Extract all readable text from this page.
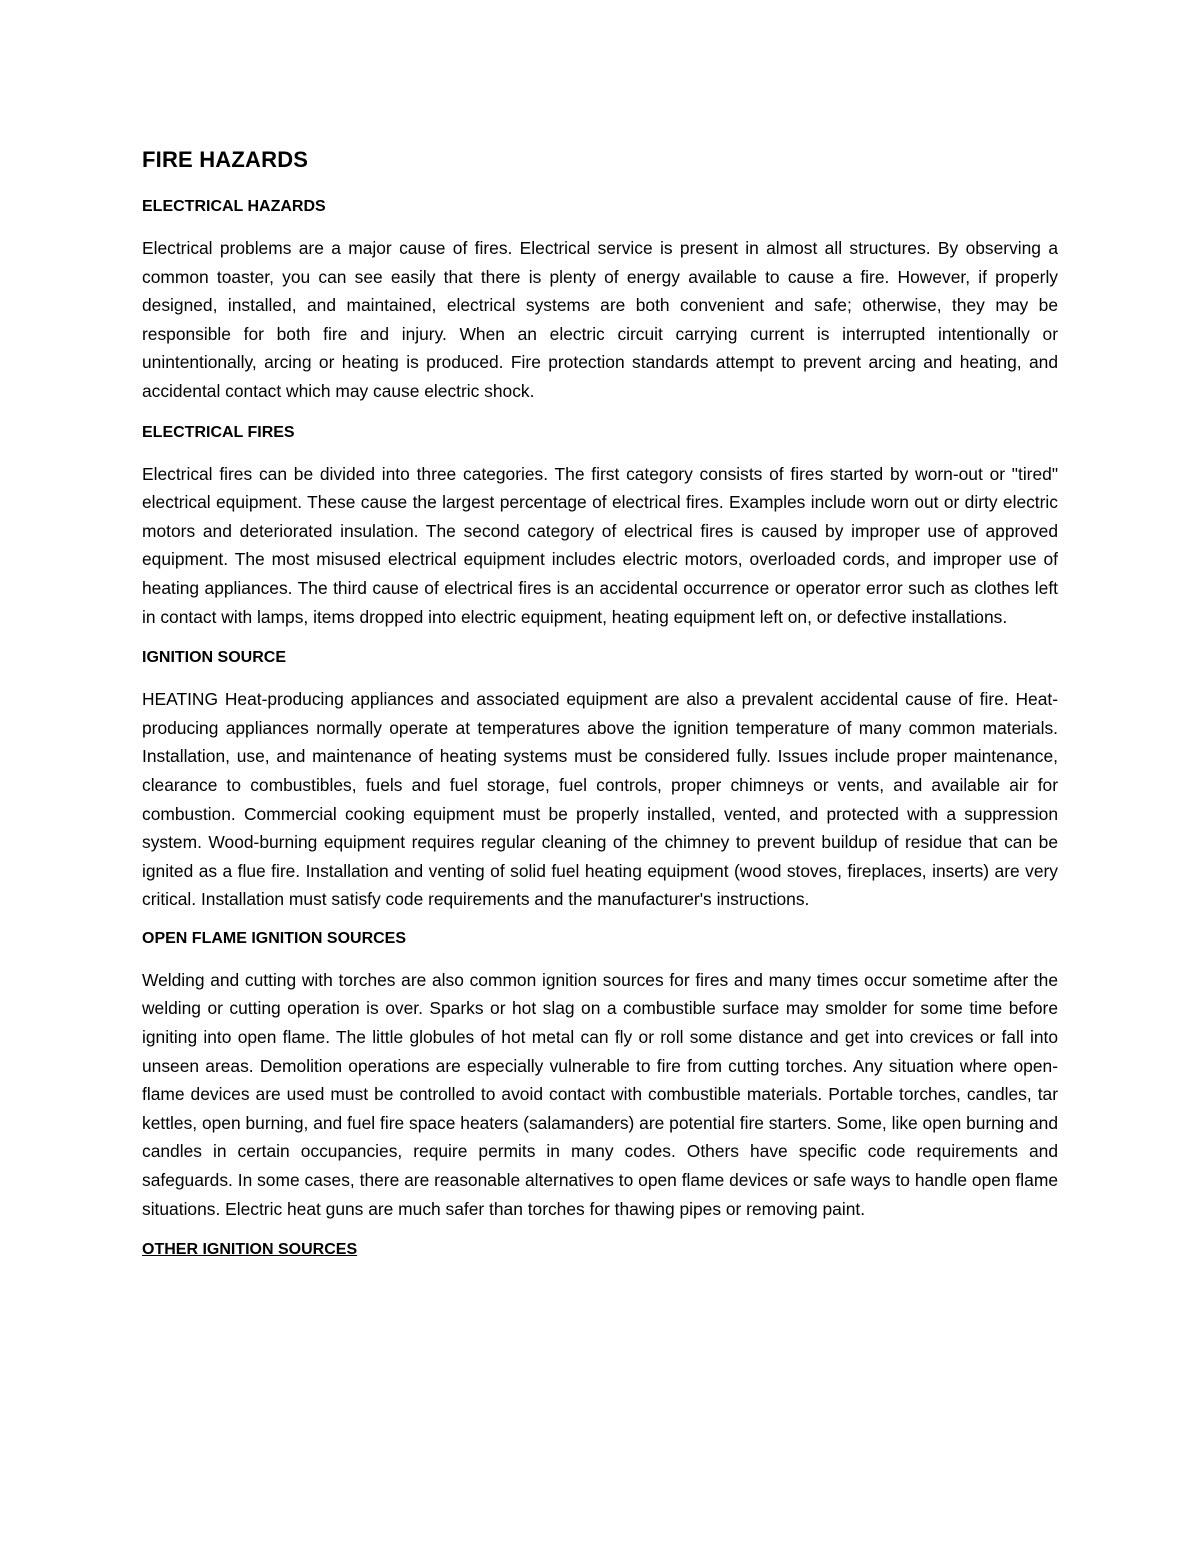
FIRE HAZARDS
ELECTRICAL HAZARDS

Electrical problems are a major cause of fires. Electrical service is present in almost all structures. By observing a common toaster, you can see easily that there is plenty of energy available to cause a fire. However, if properly designed, installed, and maintained, electrical systems are both convenient and safe; otherwise, they may be responsible for both fire and injury. When an electric circuit carrying current is interrupted intentionally or unintentionally, arcing or heating is produced. Fire protection standards attempt to prevent arcing and heating, and accidental contact which may cause electric shock.

ELECTRICAL FIRES

Electrical fires can be divided into three categories. The first category consists of fires started by worn-out or "tired" electrical equipment. These cause the largest percentage of electrical fires. Examples include worn out or dirty electric motors and deteriorated insulation. The second category of electrical fires is caused by improper use of approved equipment. The most misused electrical equipment includes electric motors, overloaded cords, and improper use of heating appliances. The third cause of electrical fires is an accidental occurrence or operator error such as clothes left in contact with lamps, items dropped into electric equipment, heating equipment left on, or defective installations.

IGNITION SOURCE

HEATING Heat-producing appliances and associated equipment are also a prevalent accidental cause of fire. Heat-producing appliances normally operate at temperatures above the ignition temperature of many common materials. Installation, use, and maintenance of heating systems must be considered fully. Issues include proper maintenance, clearance to combustibles, fuels and fuel storage, fuel controls, proper chimneys or vents, and available air for combustion. Commercial cooking equipment must be properly installed, vented, and protected with a suppression system. Wood-burning equipment requires regular cleaning of the chimney to prevent buildup of residue that can be ignited as a flue fire. Installation and venting of solid fuel heating equipment (wood stoves, fireplaces, inserts) are very critical. Installation must satisfy code requirements and the manufacturer's instructions.

OPEN FLAME IGNITION SOURCES

Welding and cutting with torches are also common ignition sources for fires and many times occur sometime after the welding or cutting operation is over. Sparks or hot slag on a combustible surface may smolder for some time before igniting into open flame. The little globules of hot metal can fly or roll some distance and get into crevices or fall into unseen areas. Demolition operations are especially vulnerable to fire from cutting torches. Any situation where open-flame devices are used must be controlled to avoid contact with combustible materials. Portable torches, candles, tar kettles, open burning, and fuel fire space heaters (salamanders) are potential fire starters. Some, like open burning and candles in certain occupancies, require permits in many codes. Others have specific code requirements and safeguards. In some cases, there are reasonable alternatives to open flame devices or safe ways to handle open flame situations. Electric heat guns are much safer than torches for thawing pipes or removing paint.

OTHER IGNITION SOURCES
